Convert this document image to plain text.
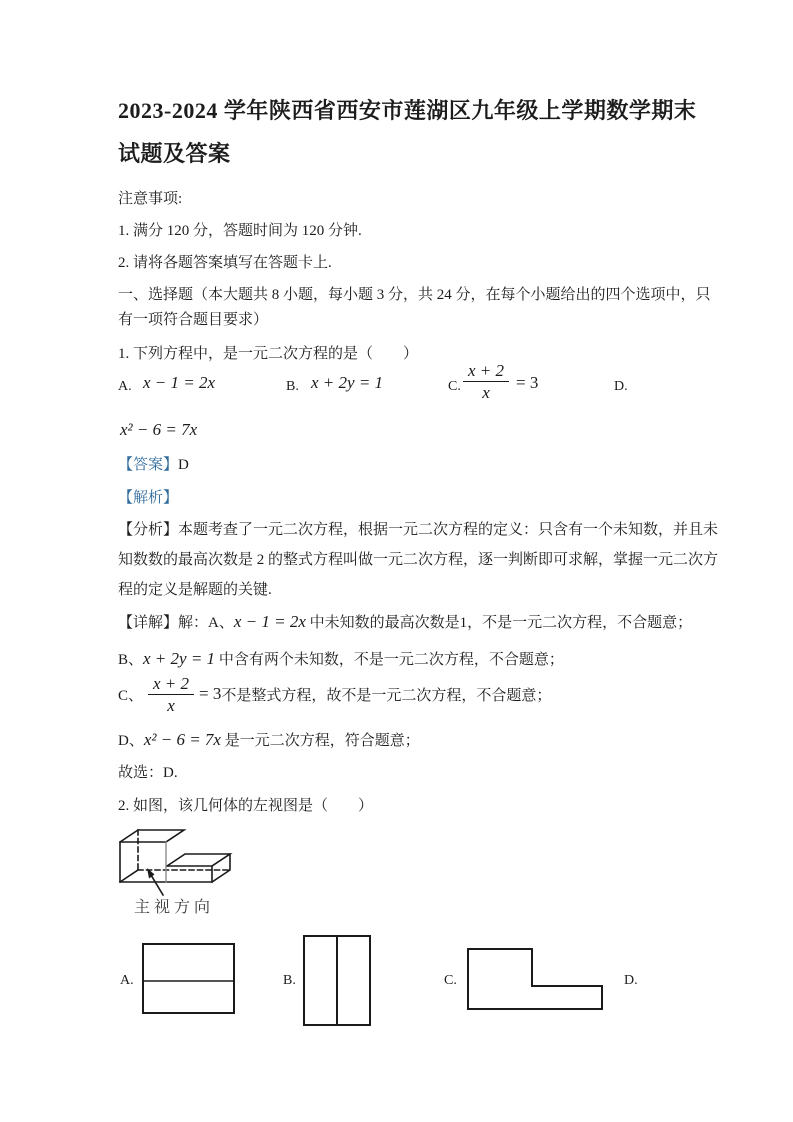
2023-2024 学年陕西省西安市莲湖区九年级上学期数学期末
试题及答案
注意事项:
1. 满分 120 分，答题时间为 120 分钟.
2. 请将各题答案填写在答题卡上.
一、选择题（本大题共 8 小题，每小题 3 分，共 24 分，在每个小题给出的四个选项中，只
有一项符合题目要求）
1. 下列方程中，是一元二次方程的是（　　）
A. x − 1 = 2x	B. x + 2y = 1	C. $\frac{x + 2}{x} = 3$	D.
x² − 6 = 7x
【答案】D
【解析】
【分析】本题考查了一元二次方程，根据一元二次方程的定义：只含有一个未知数，并且未
知数数的最高次数是 2 的整式方程叫做一元二次方程，逐一判断即可求解，掌握一元二次方
程的定义是解题的关键.
【详解】解：A、x − 1 = 2x 中未知数的最高次数是1，不是一元二次方程，不合题意；
B、x + 2y = 1 中含有两个未知数，不是一元二次方程，不合题意；
C、 $\frac{x + 2}{x} = 3$ 不是整式方程，故不是一元二次方程，不合题意；
D、x² − 6 = 7x 是一元二次方程，符合题意；
故选：D.
2. 如图，该几何体的左视图是（　　）
主视方向
A.	B.	C.	D.
